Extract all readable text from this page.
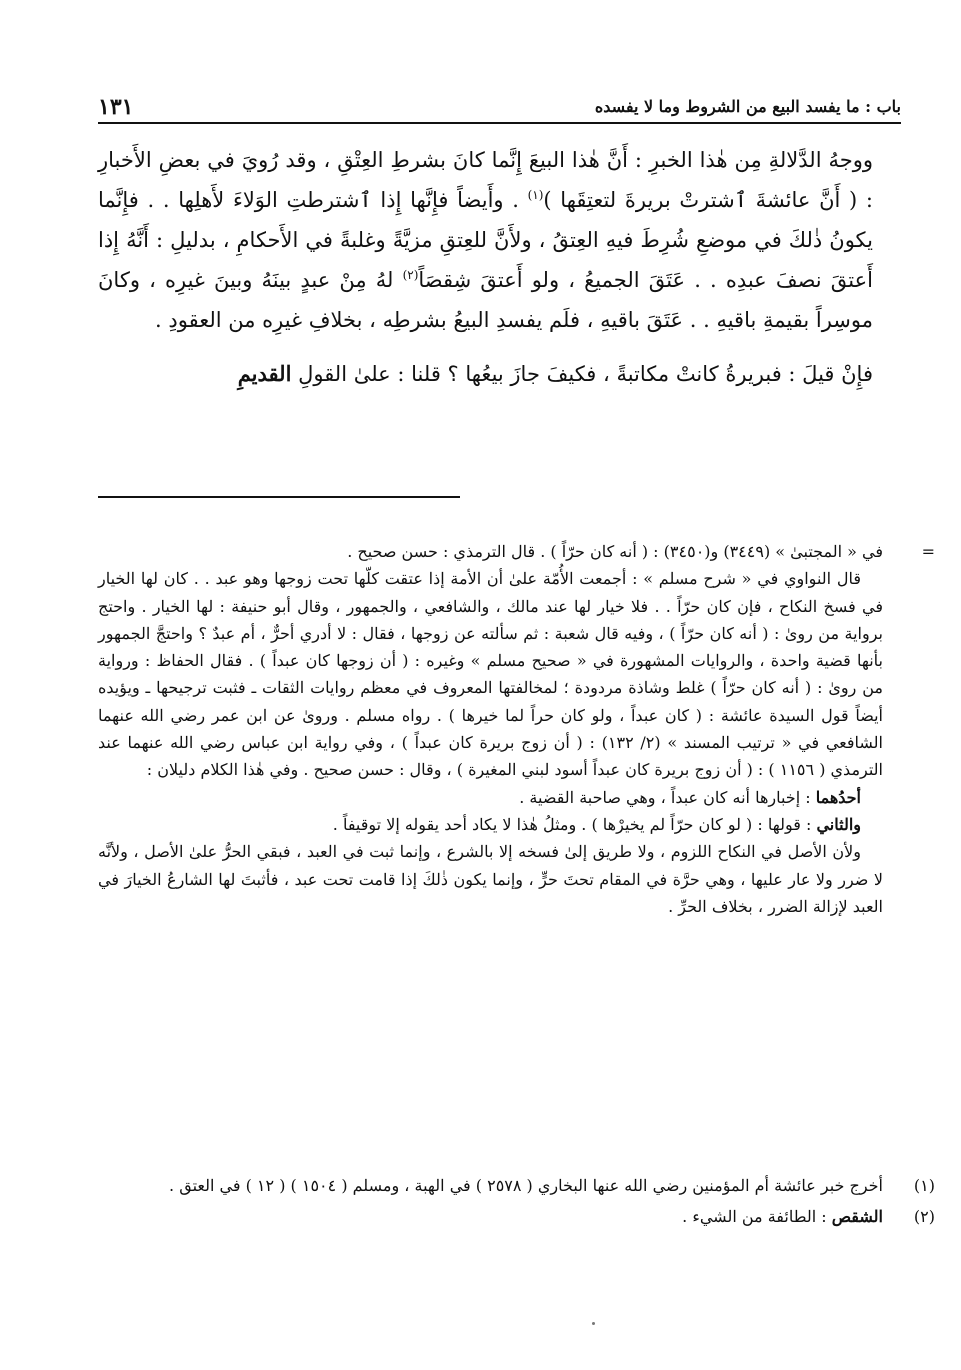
باب : ما يفسد البيع من الشروط وما لا يفسده
١٣١

ووجهُ الدَّلالةِ مِن هٰذا الخبرِ : أَنَّ هٰذا البيعَ إِنَّما كانَ بشرطِ العِتْقِ ، وقد رُويَ في بعضِ الأَخبارِ : ( أَنَّ عائشةَ ٱشترتْ بريرةَ لتعتِقَها )$^{(١)}$ . وأَيضاً فإِنَّها إِذا ٱشترطتِ الوَلاءَ لأَهلِها . . فإِنَّما يكونُ ذٰلكَ في موضعِ شُرِطَ فيهِ العِتقُ ، ولأَنَّ للعِتقِ مزيَّةً وغلبةً في الأَحكامِ ، بدليلِ : أَنَّهُ إِذا أَعتقَ نصفَ عبدِه . . عَتَقَ الجميعُ ، ولو أَعتقَ شِقصَاً$^{(٢)}$ لهُ مِنْ عبدٍ بينَهُ وبينَ غيرِه ، وكانَ موسِراً بقيمةِ باقيهِ . . عَتَقَ باقيهِ ، فلَم يفسدِ البيعُ بشرطِه ، بخلافِ غيرِه من العقودِ .

فإِنْ قيلَ : فبريرةُ كانتْ مكاتبةً ، فكيفَ جازَ بيعُها ؟ قلنا : علىٰ القولِ القديمِ

=

في « المجتبىٰ » (٣٤٤٩) و(٣٤٥٠) : ( أنه كان حرّاً ) . قال الترمذي : حسن صحيح .

قال النواوي في « شرح مسلم » : أجمعت الأُمّة علىٰ أن الأمة إذا عتقت كلّها تحت زوجها وهو عبد . . كان لها الخيار في فسخ النكاح ، فإن كان حرّاً . . فلا خيار لها عند مالك ، والشافعي ، والجمهور ، وقال أبو حنيفة : لها الخيار . واحتج برواية من روىٰ : ( أنه كان حرّاً ) ، وفيه قال شعبة : ثم سألته عن زوجها ، فقال : لا أدري أحرٌّ ، أم عبدٌ ؟ واحتجَّ الجمهور بأنها قضية واحدة ، والروايات المشهورة في « صحيح مسلم » وغيره : ( أن زوجها كان عبداً ) . فقال الحفاظ : ورواية من روىٰ : ( أنه كان حرّاً ) غلط وشاذة مردودة ؛ لمخالفتها المعروف في معظم روايات الثقات ـ فثبت ترجيحها ـ ويؤيده أيضاً قول السيدة عائشة : ( كان عبداً ، ولو كان حراً لما خيرها ) . رواه مسلم . وروىٰ عن ابن عمر رضي الله عنهما الشافعي في « ترتيب المسند » (٢/ ١٣٢) : ( أن زوج بريرة كان عبداً ) ، وفي رواية ابن عباس رضي الله عنهما عند الترمذي ( ١١٥٦ ) : ( أن زوج بريرة كان عبداً أسود لبني المغيرة ) ، وقال : حسن صحيح . وفي هٰذا الكلام دليلان :

أحدُهما : إخبارها أنه كان عبداً ، وهي صاحبة القضية .

والثاني : قولها : ( لو كان حرّاً لم يخيرْها ) . ومثلُ هٰذا لا يكاد أحد يقوله إلا توقيفاً .

ولأن الأصل في النكاح اللزوم ، ولا طريق إلىٰ فسخه إلا بالشرع ، وإنما ثبت في العبد ، فبقي الحرُّ علىٰ الأصل ، ولأنَّه لا ضرر ولا عار عليها ، وهي حرَّة في المقام تحتَ حرٍّ ، وإنما يكون ذٰلكَ إذا قامت تحت عبد ، فأثبتَ لها الشارعُ الخيارَ في العبد لإزالة الضرر ، بخلاف الحرِّ .

(١)
أخرج خبر عائشة أم المؤمنين رضي الله عنها البخاري ( ٢٥٧٨ ) في الهبة ، ومسلم ( ١٥٠٤ ) ( ١٢ ) في العتق .

(٢)
الشقص : الطائفة من الشيء .
